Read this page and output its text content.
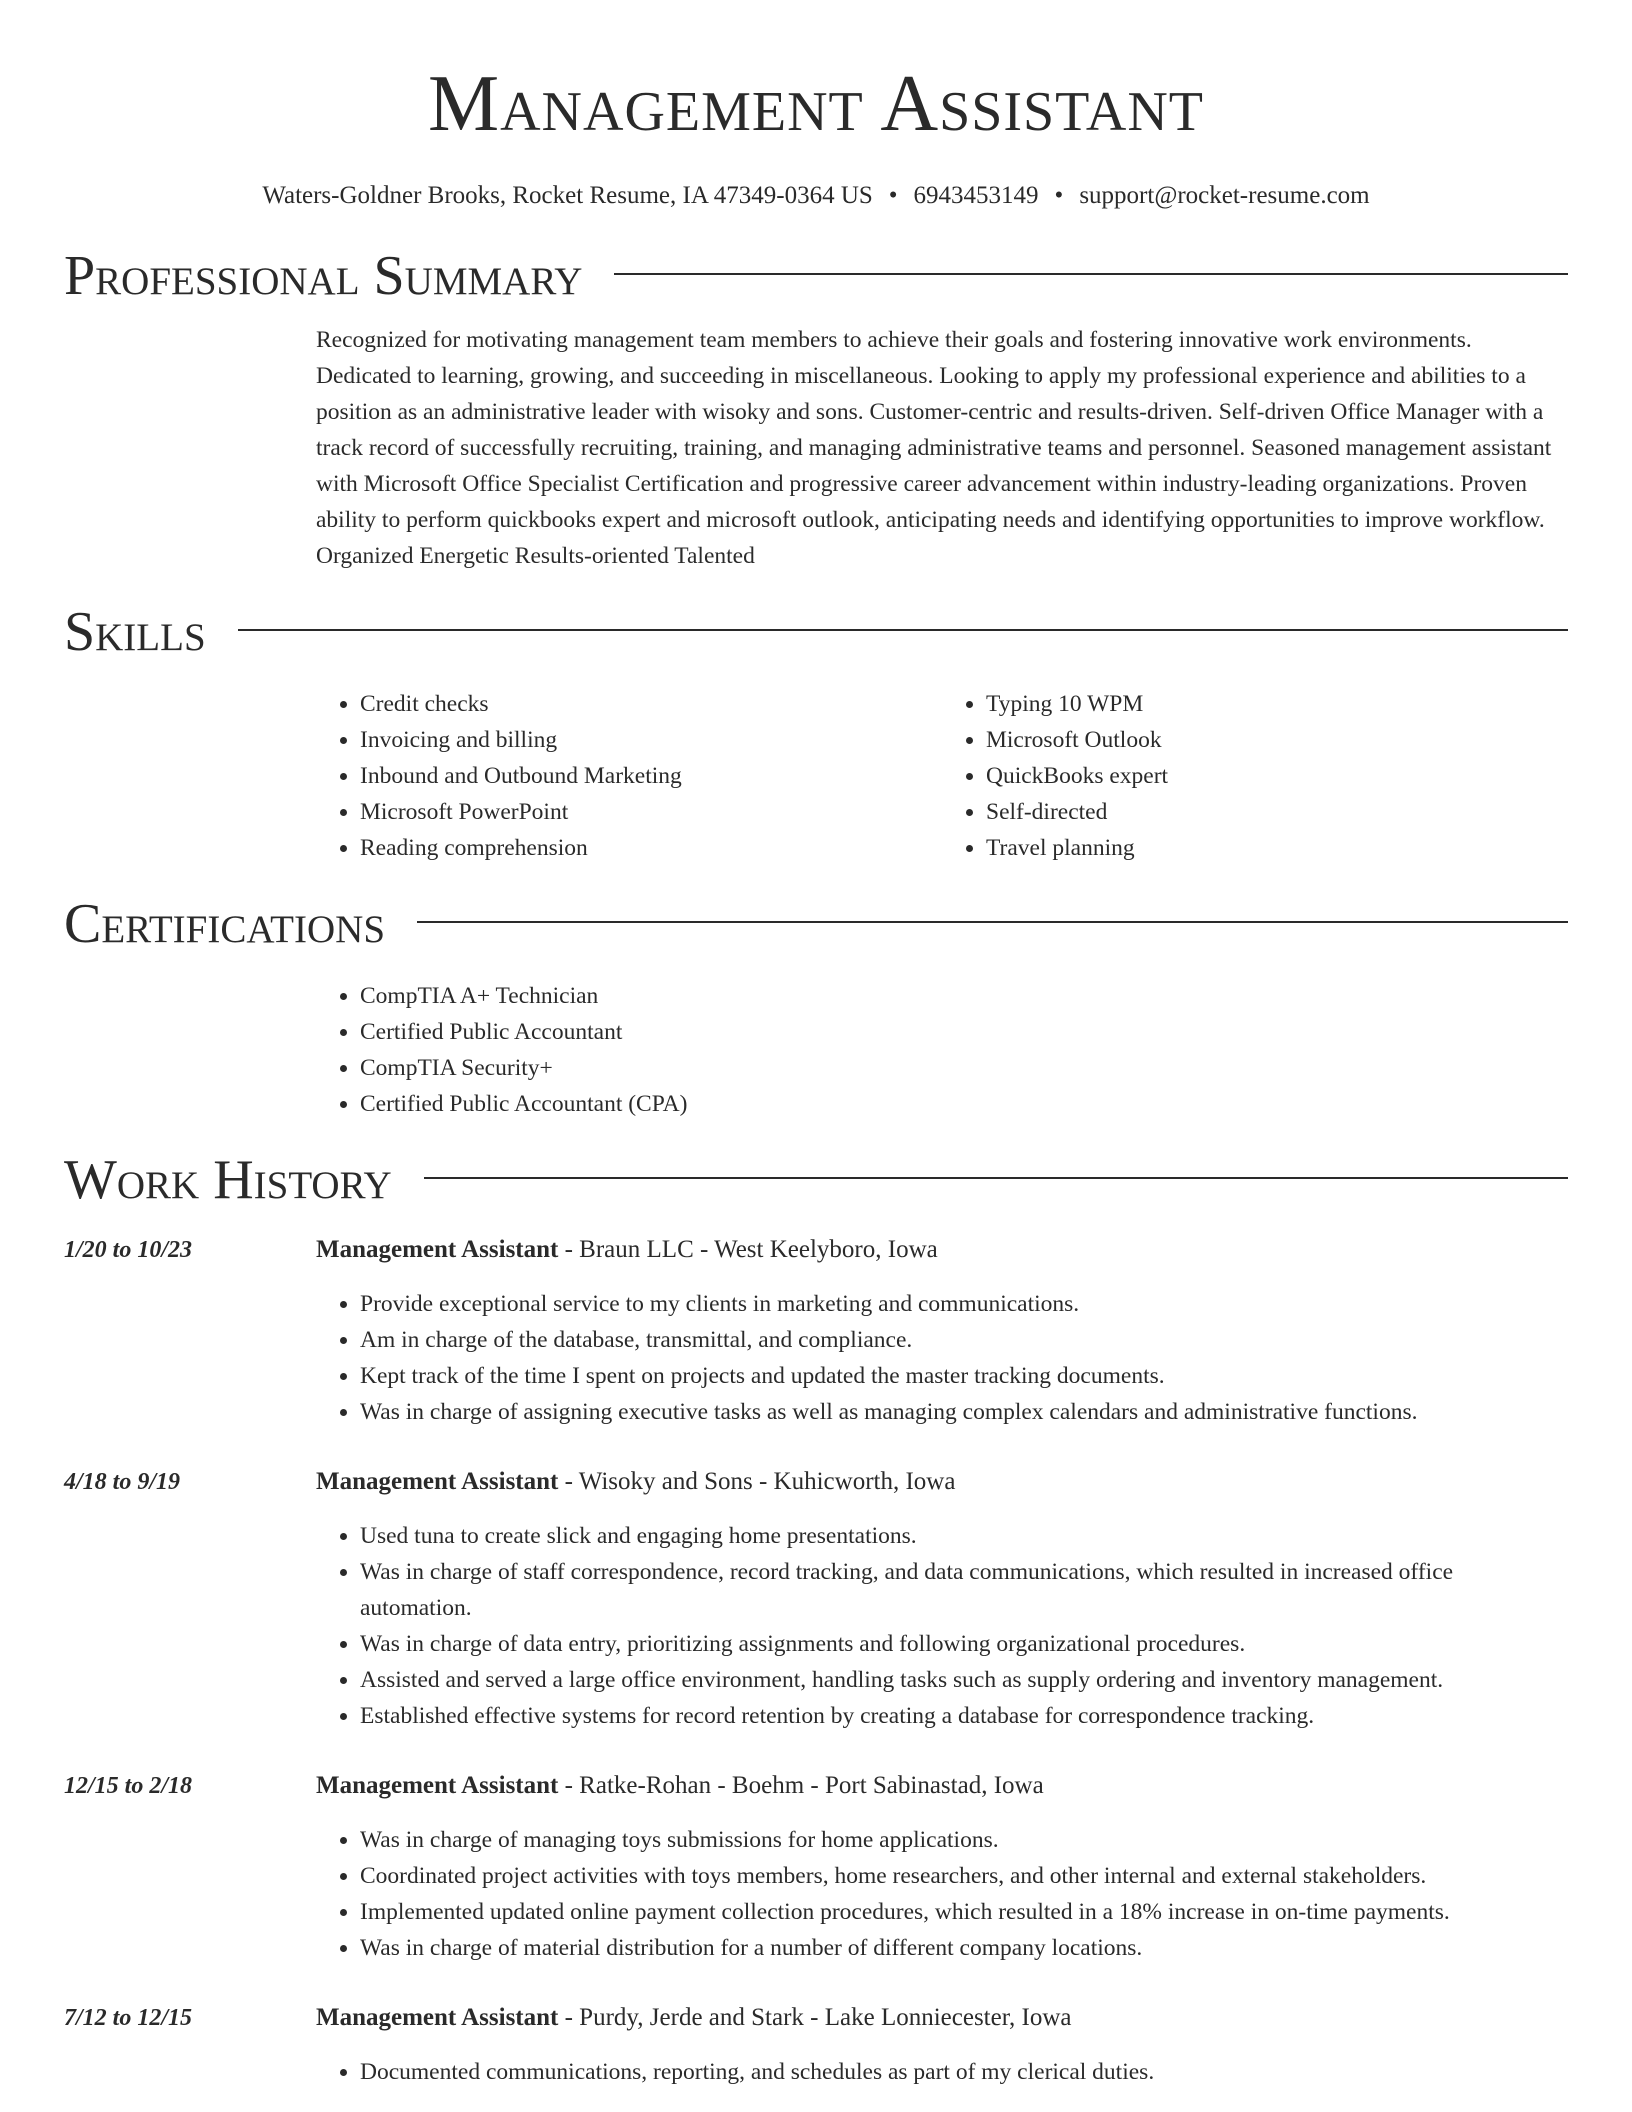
Management Assistant
Waters-Goldner Brooks, Rocket Resume, IA 47349-0364 US • 6943453149 • support@rocket-resume.com
Professional Summary
Recognized for motivating management team members to achieve their goals and fostering innovative work environments. Dedicated to learning, growing, and succeeding in miscellaneous. Looking to apply my professional experience and abilities to a position as an administrative leader with wisoky and sons. Customer-centric and results-driven. Self-driven Office Manager with a track record of successfully recruiting, training, and managing administrative teams and personnel. Seasoned management assistant with Microsoft Office Specialist Certification and progressive career advancement within industry-leading organizations. Proven ability to perform quickbooks expert and microsoft outlook, anticipating needs and identifying opportunities to improve workflow. Organized Energetic Results-oriented Talented
Skills
• Credit checks
• Invoicing and billing
• Inbound and Outbound Marketing
• Microsoft PowerPoint
• Reading comprehension
• Typing 10 WPM
• Microsoft Outlook
• QuickBooks expert
• Self-directed
• Travel planning
Certifications
• CompTIA A+ Technician
• Certified Public Accountant
• CompTIA Security+
• Certified Public Accountant (CPA)
Work History
1/20 to 10/23	Management Assistant - Braun LLC - West Keelyboro, Iowa
• Provide exceptional service to my clients in marketing and communications.
• Am in charge of the database, transmittal, and compliance.
• Kept track of the time I spent on projects and updated the master tracking documents.
• Was in charge of assigning executive tasks as well as managing complex calendars and administrative functions.
4/18 to 9/19	Management Assistant - Wisoky and Sons - Kuhicworth, Iowa
• Used tuna to create slick and engaging home presentations.
• Was in charge of staff correspondence, record tracking, and data communications, which resulted in increased office automation.
• Was in charge of data entry, prioritizing assignments and following organizational procedures.
• Assisted and served a large office environment, handling tasks such as supply ordering and inventory management.
• Established effective systems for record retention by creating a database for correspondence tracking.
12/15 to 2/18	Management Assistant - Ratke-Rohan - Boehm - Port Sabinastad, Iowa
• Was in charge of managing toys submissions for home applications.
• Coordinated project activities with toys members, home researchers, and other internal and external stakeholders.
• Implemented updated online payment collection procedures, which resulted in a 18% increase in on-time payments.
• Was in charge of material distribution for a number of different company locations.
7/12 to 12/15	Management Assistant - Purdy, Jerde and Stark - Lake Lonniecester, Iowa
• Documented communications, reporting, and schedules as part of my clerical duties.
